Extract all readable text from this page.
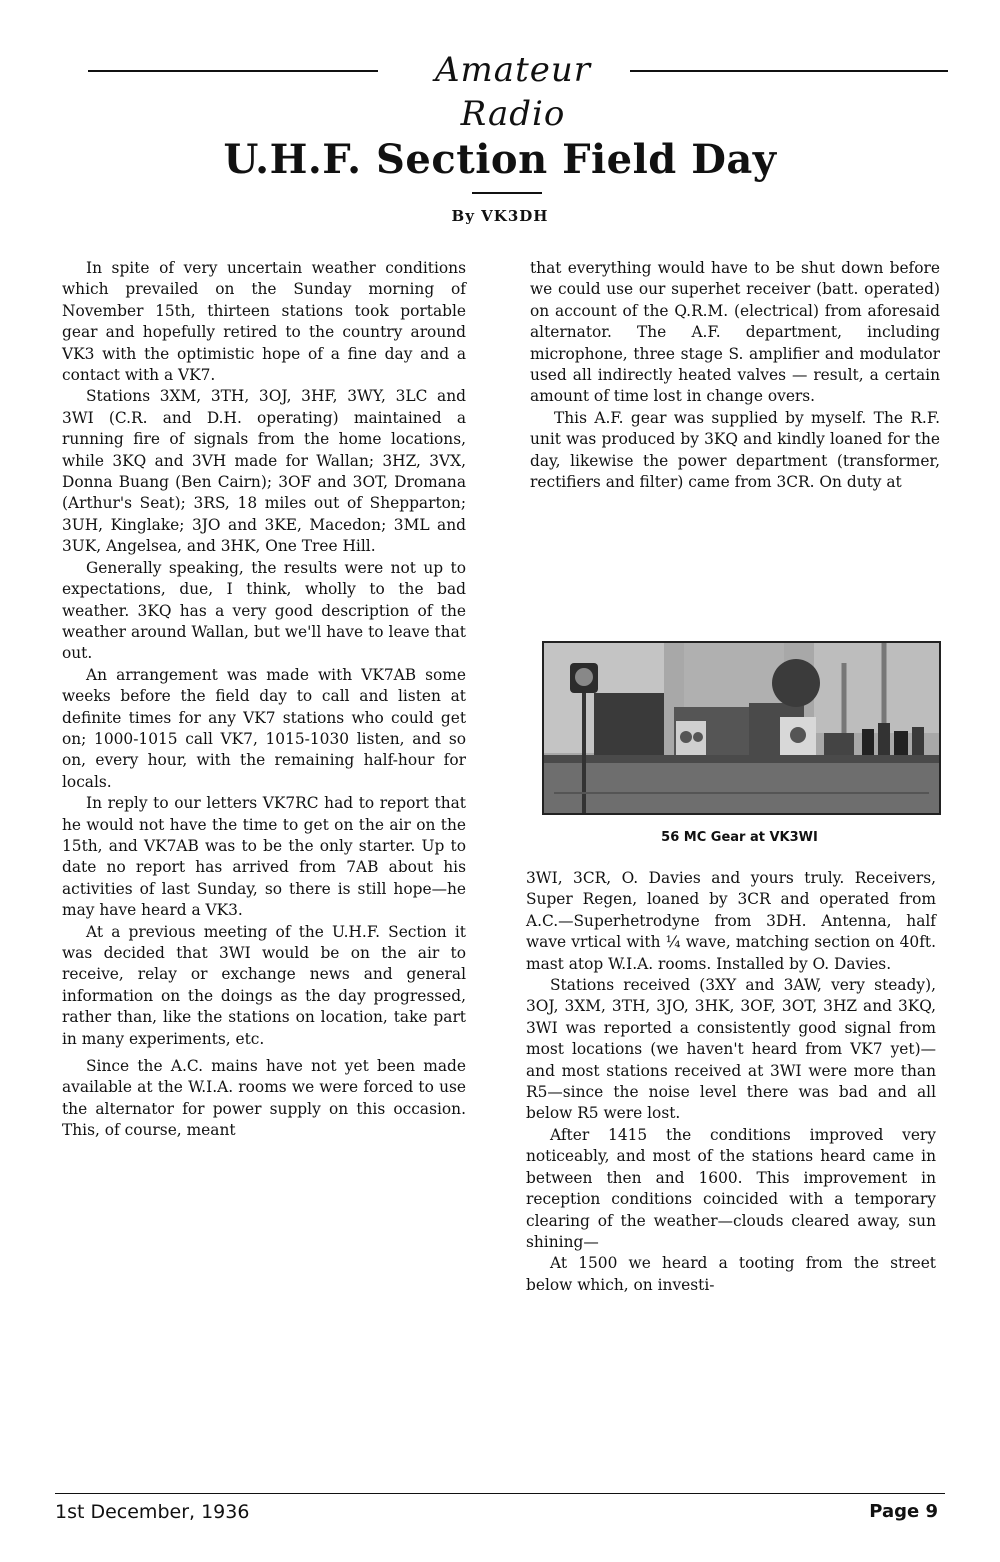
Amateur Radio
U.H.F. Section Field Day
By VK3DH

In spite of very uncertain weather conditions which prevailed on the Sunday morning of November 15th, thirteen stations took portable gear and hopefully retired to the country around VK3 with the optimistic hope of a fine day and a contact with a VK7.

Stations 3XM, 3TH, 3OJ, 3HF, 3WY, 3LC and 3WI (C.R. and D.H. operating) maintained a running fire of signals from the home locations, while 3KQ and 3VH made for Wallan; 3HZ, 3VX, Donna Buang (Ben Cairn); 3OF and 3OT, Dromana (Arthur's Seat); 3RS, 18 miles out of Shepparton; 3UH, Kinglake; 3JO and 3KE, Macedon; 3ML and 3UK, Angelsea, and 3HK, One Tree Hill.

Generally speaking, the results were not up to expectations, due, I think, wholly to the bad weather. 3KQ has a very good description of the weather around Wallan, but we'll have to leave that out.

An arrangement was made with VK7AB some weeks before the field day to call and listen at definite times for any VK7 stations who could get on; 1000-1015 call VK7, 1015-1030 listen, and so on, every hour, with the remaining half-hour for locals.

In reply to our letters VK7RC had to report that he would not have the time to get on the air on the 15th, and VK7AB was to be the only starter. Up to date no report has arrived from 7AB about his activities of last Sunday, so there is still hope—he may have heard a VK3.

At a previous meeting of the U.H.F. Section it was decided that 3WI would be on the air to receive, relay or exchange news and general information on the doings as the day progressed, rather than, like the stations on location, take part in many experiments, etc.

Since the A.C. mains have not yet been made available at the W.I.A. rooms we were forced to use the alternator for power supply on this occasion. This, of course, meant

that everything would have to be shut down before we could use our superhet receiver (batt. operated) on account of the Q.R.M. (electrical) from aforesaid alternator. The A.F. department, including microphone, three stage S. amplifier and modulator used all indirectly heated valves — result, a certain amount of time lost in change overs.

This A.F. gear was supplied by myself. The R.F. unit was produced by 3KQ and kindly loaned for the day, likewise the power department (transformer, rectifiers and filter) came from 3CR. On duty at

56 MC Gear at VK3WI

3WI, 3CR, O. Davies and yours truly. Receivers, Super Regen, loaned by 3CR and operated from A.C.—Superhetrodyne from 3DH. Antenna, half wave vrtical with ¼ wave, matching section on 40ft. mast atop W.I.A. rooms. Installed by O. Davies.

Stations received (3XY and 3AW, very steady), 3OJ, 3XM, 3TH, 3JO, 3HK, 3OF, 3OT, 3HZ and 3KQ, 3WI was reported a consistently good signal from most locations (we haven't heard from VK7 yet)—and most stations received at 3WI were more than R5—since the noise level there was bad and all below R5 were lost.

After 1415 the conditions improved very noticeably, and most of the stations heard came in between then and 1600. This improvement in reception conditions coincided with a temporary clearing of the weather—clouds cleared away, sun shining—

At 1500 we heard a tooting from the street below which, on investi-

1st December, 1936	Page 9
